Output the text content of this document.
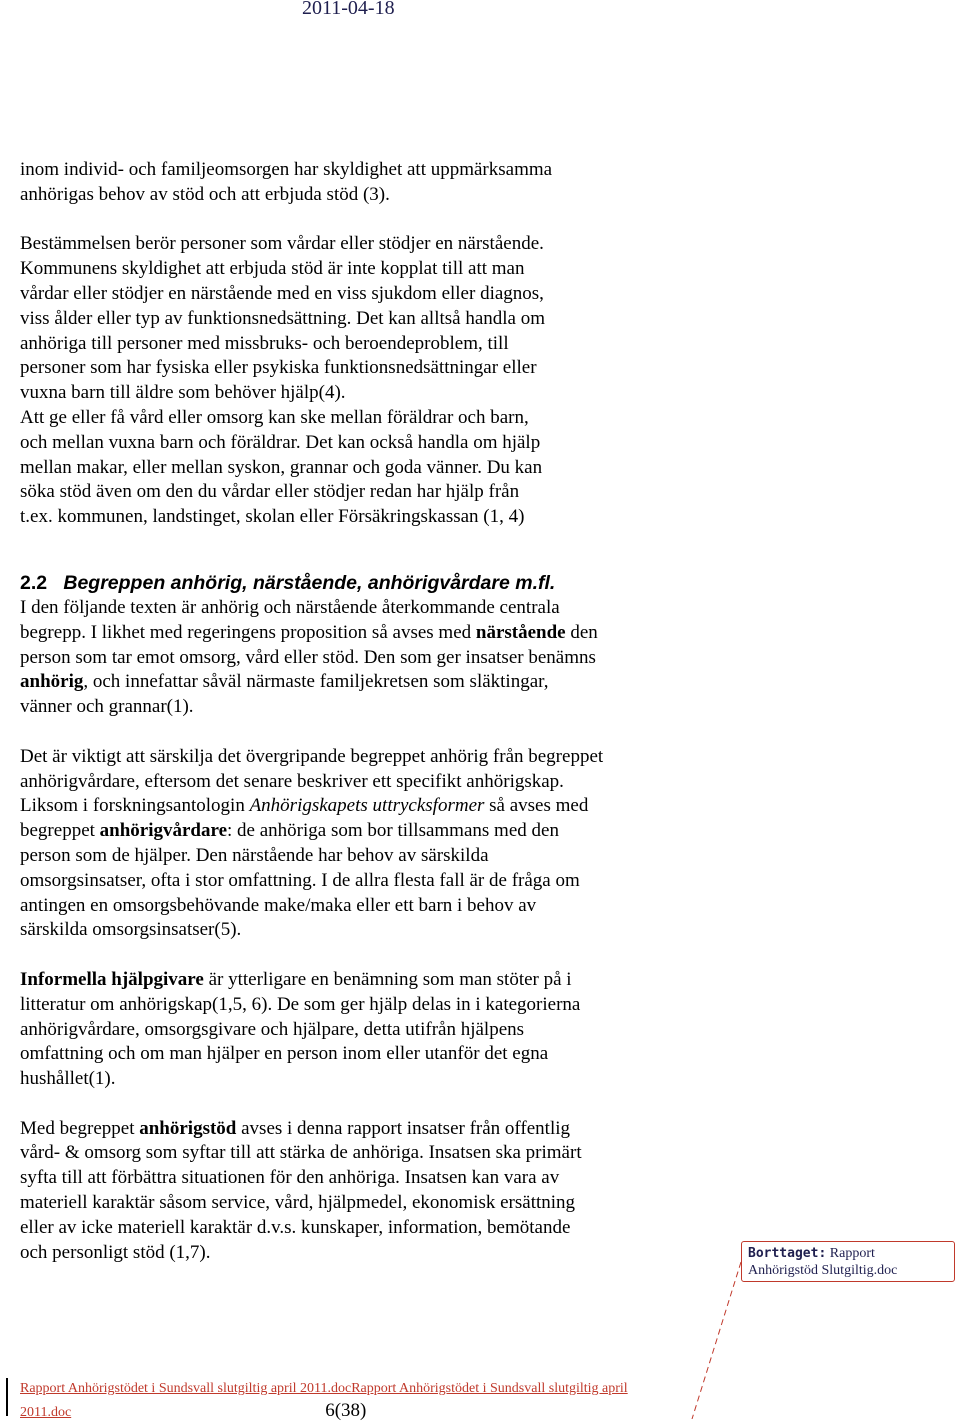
2011-04-18

inom individ- och familjeomsorgen har skyldighet att uppmärksamma

anhörigas behov av stöd och att erbjuda stöd (3).

Bestämmelsen berör personer som vårdar eller stödjer en närstående.

Kommunens skyldighet att erbjuda stöd är inte kopplat till att man

vårdar eller stödjer en närstående med en viss sjukdom eller diagnos,

viss ålder eller typ av funktionsnedsättning. Det kan alltså handla om

anhöriga till personer med missbruks- och beroendeproblem, till

personer som har fysiska eller psykiska funktionsnedsättningar eller

vuxna barn till äldre som behöver hjälp(4).

Att ge eller få vård eller omsorg kan ske mellan föräldrar och barn,

och mellan vuxna barn och föräldrar. Det kan också handla om hjälp

mellan makar, eller mellan syskon, grannar och goda vänner. Du kan

söka stöd även om den du vårdar eller stödjer redan har hjälp från

t.ex. kommunen, landstinget, skolan eller Försäkringskassan (1, 4)

2.2 Begreppen anhörig, närstående, anhörigvårdare m.fl.

I den följande texten är anhörig och närstående återkommande centrala

begrepp. I likhet med regeringens proposition så avses med närstående den

person som tar emot omsorg, vård eller stöd. Den som ger insatser benämns

anhörig, och innefattar såväl närmaste familjekretsen som släktingar,

vänner och grannar(1).

Det är viktigt att särskilja det övergripande begreppet anhörig från begreppet

anhörigvårdare, eftersom det senare beskriver ett specifikt anhörigskap.

Liksom i forskningsantologin Anhörigskapets uttrycksformer så avses med

begreppet anhörigvårdare: de anhöriga som bor tillsammans med den

person som de hjälper. Den närstående har behov av särskilda

omsorgsinsatser, ofta i stor omfattning. I de allra flesta fall är de fråga om

antingen en omsorgsbehövande make/maka eller ett barn i behov av

särskilda omsorgsinsatser(5).

Informella hjälpgivare är ytterligare en benämning som man stöter på i

litteratur om anhörigskap(1,5, 6). De som ger hjälp delas in i kategorierna

anhörigvårdare, omsorgsgivare och hjälpare, detta utifrån hjälpens

omfattning och om man hjälper en person inom eller utanför det egna

hushållet(1).

Med begreppet anhörigstöd avses i denna rapport insatser från offentlig

vård- & omsorg som syftar till att stärka de anhöriga. Insatsen ska primärt

syfta till att förbättra situationen för den anhöriga. Insatsen kan vara av

materiell karaktär såsom service, vård, hjälpmedel, ekonomisk ersättning

eller av icke materiell karaktär d.v.s. kunskaper, information, bemötande

och personligt stöd (1,7).	Borttaget: Rapport
Anhörigstöd Slutgiltig.doc
Rapport Anhörigstödet i Sundsvall slutgiltig april 2011.docRapport Anhörigstödet i Sundsvall slutgiltig april
2011.doc	6(38)
